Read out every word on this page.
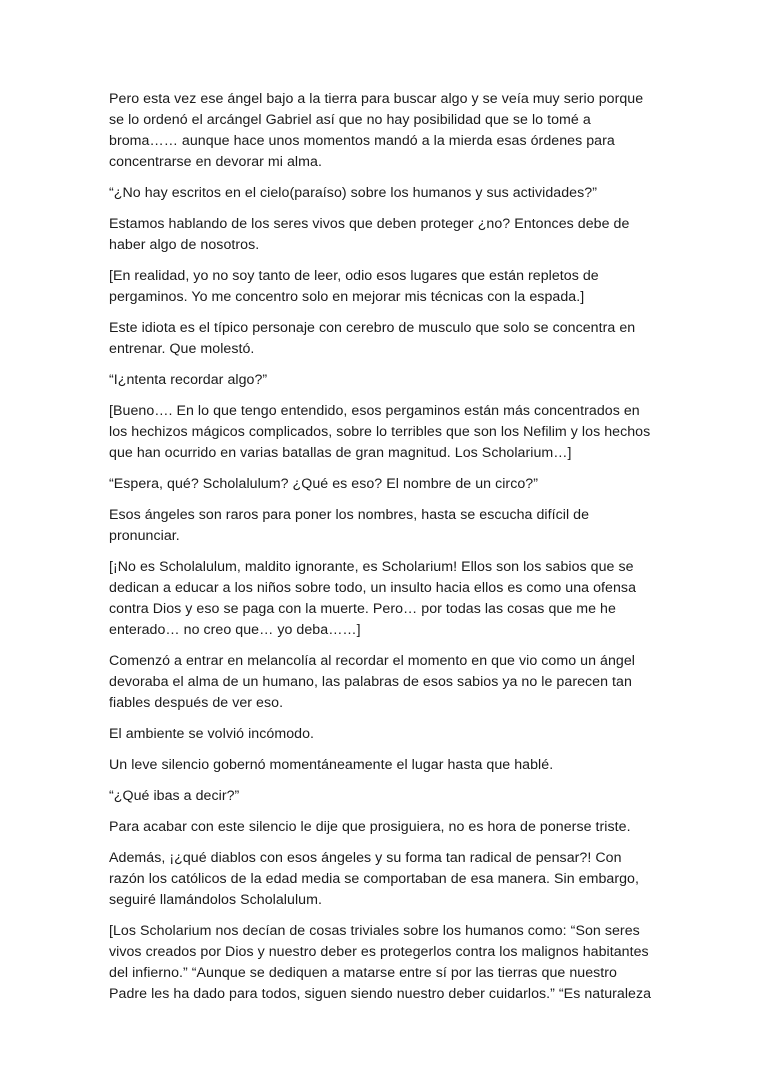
Pero esta vez ese ángel bajo a la tierra para buscar algo y se veía muy serio porque se lo ordenó el arcángel Gabriel así que no hay posibilidad que se lo tomé a broma…… aunque hace unos momentos mandó a la mierda esas órdenes para concentrarse en devorar mi alma.

“¿No hay escritos en el cielo(paraíso) sobre los humanos y sus actividades?”

Estamos hablando de los seres vivos que deben proteger ¿no? Entonces debe de haber algo de nosotros.

[En realidad, yo no soy tanto de leer, odio esos lugares que están repletos de pergaminos. Yo me concentro solo en mejorar mis técnicas con la espada.]

Este idiota es el típico personaje con cerebro de musculo que solo se concentra en entrenar. Que molestó.

“I¿ntenta recordar algo?”

[Bueno…. En lo que tengo entendido, esos pergaminos están más concentrados en los hechizos mágicos complicados, sobre lo terribles que son los Nefilim y los hechos que han ocurrido en varias batallas de gran magnitud. Los Scholarium…]

“Espera, qué? Scholalulum? ¿Qué es eso? El nombre de un circo?”

Esos ángeles son raros para poner los nombres, hasta se escucha difícil de pronunciar.

[¡No es Scholalulum, maldito ignorante, es Scholarium! Ellos son los sabios que se dedican a educar a los niños sobre todo, un insulto hacia ellos es como una ofensa contra Dios y eso se paga con la muerte. Pero… por todas las cosas que me he enterado… no creo que… yo deba……]

Comenzó a entrar en melancolía al recordar el momento en que vio como un ángel devoraba el alma de un humano, las palabras de esos sabios ya no le parecen tan fiables después de ver eso.

El ambiente se volvió incómodo.

Un leve silencio gobernó momentáneamente el lugar hasta que hablé.

“¿Qué ibas a decir?”

Para acabar con este silencio le dije que prosiguiera, no es hora de ponerse triste.

Además, ¡¿qué diablos con esos ángeles y su forma tan radical de pensar?! Con razón los católicos de la edad media se comportaban de esa manera. Sin embargo, seguiré llamándolos Scholalulum.

[Los Scholarium nos decían de cosas triviales sobre los humanos como: “Son seres vivos creados por Dios y nuestro deber es protegerlos contra los malignos habitantes del infierno.” “Aunque se dediquen a matarse entre sí por las tierras que nuestro Padre les ha dado para todos, siguen siendo nuestro deber cuidarlos.” “Es naturaleza
